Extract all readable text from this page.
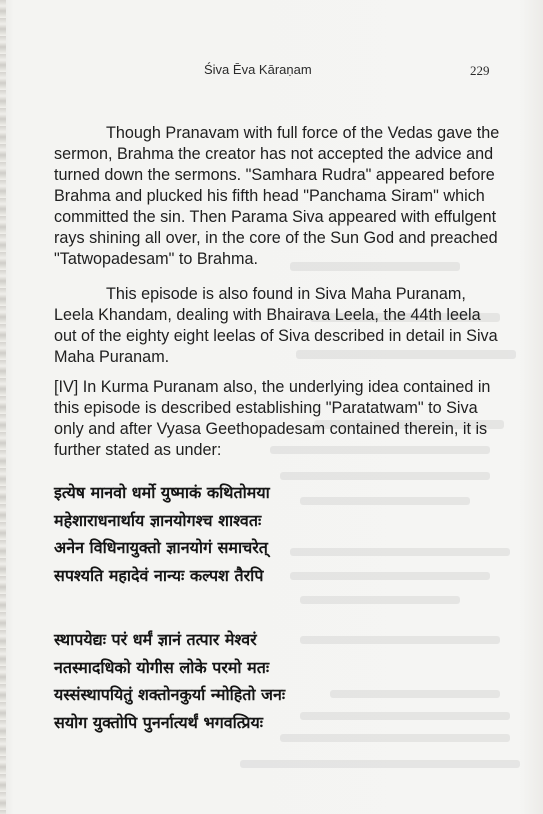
Śiva Ēva Kāraṇam	229

Though Pranavam with full force of the Vedas gave the sermon, Brahma the creator has not accepted the advice and turned down the sermons. "Samhara Rudra" appeared before Brahma and plucked his fifth head "Panchama Siram" which committed the sin. Then Parama Siva appeared with effulgent rays shining all over, in the core of the Sun God and preached "Tatwopadesam" to Brahma.

This episode is also found in Siva Maha Puranam, Leela Khandam, dealing with Bhairava Leela, the 44th leela out of the eighty eight leelas of Siva described in detail in Siva Maha Puranam.

[IV] In Kurma Puranam also, the underlying idea contained in this episode is described establishing "Paratatwam" to Siva only and after Vyasa Geethopadesam contained therein, it is further stated as under:

इत्येष मानवो धर्मो युष्माकं कथितोमया
महेशाराधनार्थाय ज्ञानयोगश्च शाश्वतः
अनेन विधिनायुक्तो ज्ञानयोगं समाचरेत्
सपश्यति महादेवं नान्यः कल्पश तैरपि
स्थापयेद्यः परं धर्मं ज्ञानं तत्पार मेश्वरं
नतस्मादधिको योगीस लोके परमो मतः
यस्संस्थापयितुं शक्तोनकुर्या न्मोहितो जनः
सयोग युक्तोपि पुनर्नात्यर्थं भगवत्प्रियः
